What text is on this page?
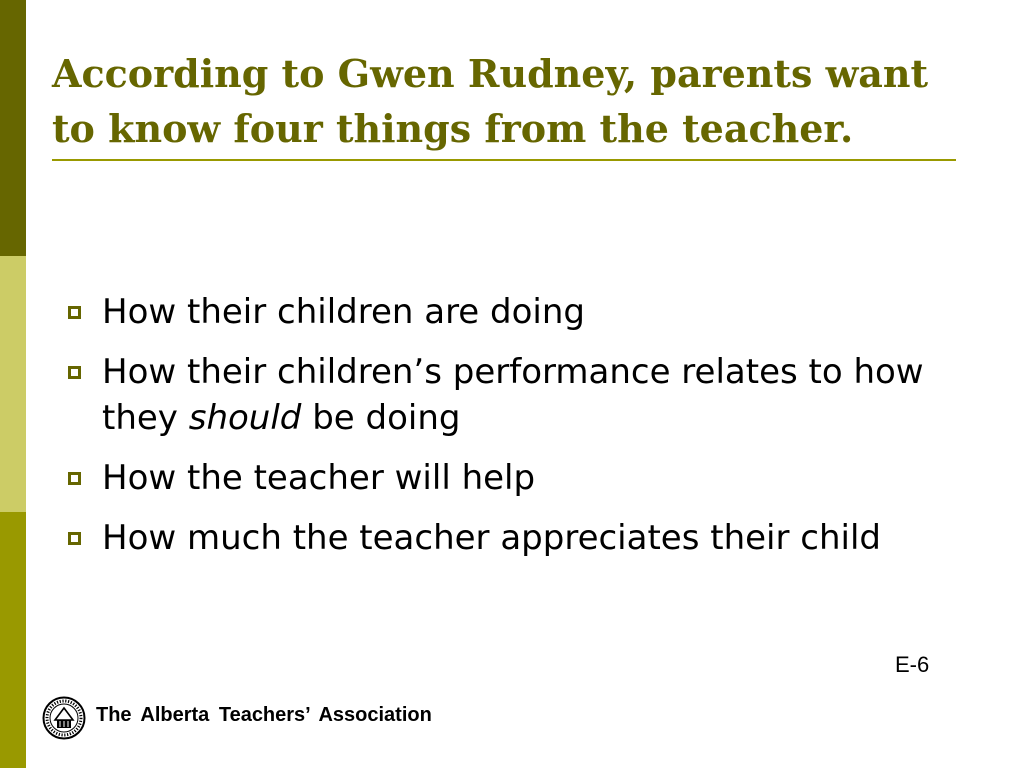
According to Gwen Rudney, parents want to know four things from the teacher.
How their children are doing
How their children’s performance relates to how they should be doing
How the teacher will help
How much the teacher appreciates their child
E-6
The Alberta Teachers’ Association
